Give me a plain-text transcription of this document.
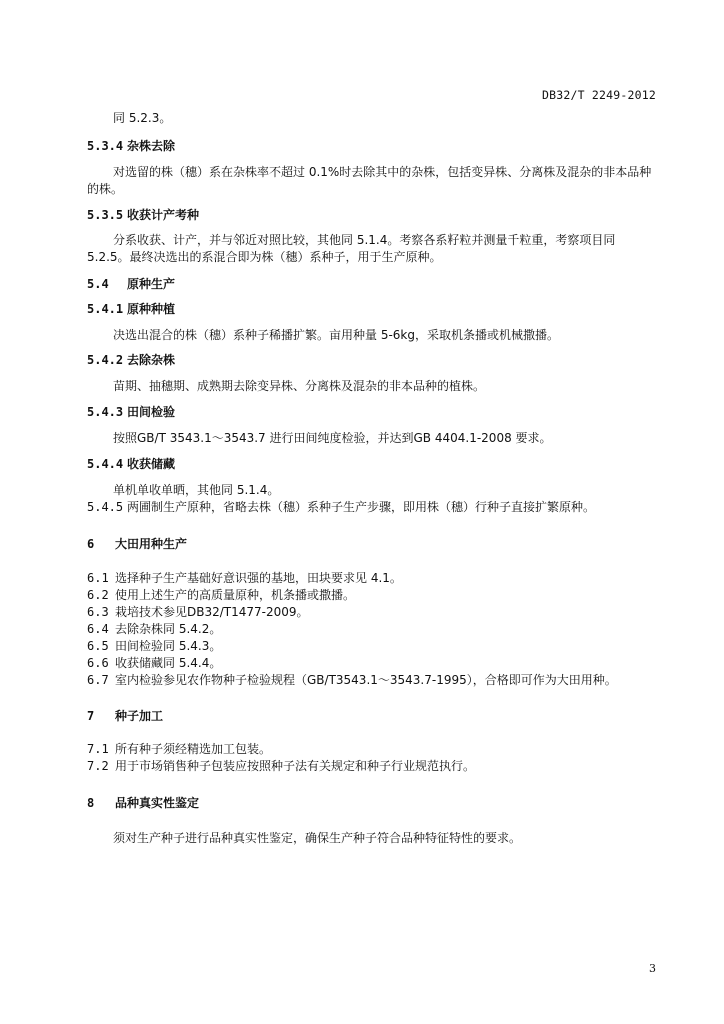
DB32/T 2249-2012
同 5.2.3。
5.3.4 杂株去除
对选留的株（穗）系在杂株率不超过 0.1%时去除其中的杂株，包括变异株、分离株及混杂的非本品种的株。
5.3.5 收获计产考种
分系收获、计产，并与邻近对照比较，其他同 5.1.4。考察各系籽粒并测量千粒重，考察项目同 5.2.5。最终决选出的系混合即为株（穗）系种子，用于生产原种。
5.4 原种生产
5.4.1 原种种植
决选出混合的株（穗）系种子稀播扩繁。亩用种量 5-6kg，采取机条播或机械撒播。
5.4.2 去除杂株
苗期、抽穗期、成熟期去除变异株、分离株及混杂的非本品种的植株。
5.4.3 田间检验
按照GB/T 3543.1～3543.7 进行田间纯度检验，并达到GB 4404.1-2008 要求。
5.4.4 收获储藏
单机单收单晒，其他同 5.1.4。
5.4.5 两圃制生产原种，省略去株（穗）系种子生产步骤，即用株（穗）行种子直接扩繁原种。
6 大田用种生产
6.1 选择种子生产基础好意识强的基地，田块要求见 4.1。
6.2 使用上述生产的高质量原种，机条播或撒播。
6.3 栽培技术参见DB32/T1477-2009。
6.4 去除杂株同 5.4.2。
6.5 田间检验同 5.4.3。
6.6 收获储藏同 5.4.4。
6.7 室内检验参见农作物种子检验规程（GB/T3543.1～3543.7-1995），合格即可作为大田用种。
7 种子加工
7.1 所有种子须经精选加工包装。
7.2 用于市场销售种子包装应按照种子法有关规定和种子行业规范执行。
8 品种真实性鉴定
须对生产种子进行品种真实性鉴定，确保生产种子符合品种特征特性的要求。
3
